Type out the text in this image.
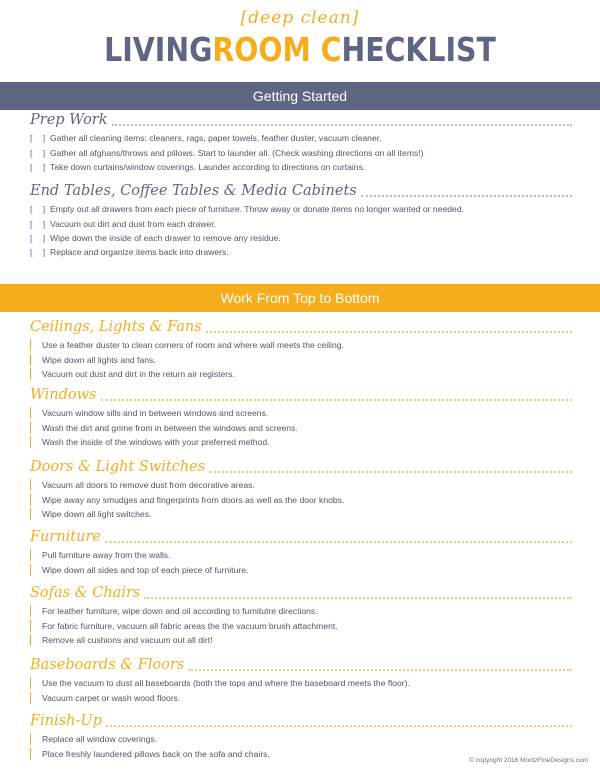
[deep clean]
LIVINGROOM CHECKLIST
Getting Started
Work From Top to Bottom
Prep Work
[ ] Gather all cleaning items: cleaners, rags, paper towels, feather duster, vacuum cleaner.
[ ] Gather all afghans/throws and pillows. Start to launder all. (Check washing directions on all items!)
[ ] Take down curtains/window coverings. Launder according to directions on curtains.
End Tables, Coffee Tables & Media Cabinets
[ ] Empty out all drawers from each piece of furniture. Throw away or donate items no longer wanted or needed.
[ ] Vacuum out dirt and dust from each drawer.
[ ] Wipe down the inside of each drawer to remove any residue.
[ ] Replace and organize items back into drawers.
Ceilings, Lights & Fans
Use a feather duster to clean corners of room and where wall meets the ceiling.
Wipe down all lights and fans.
Vacuum out dust and dirt in the return air registers.
Windows
Vacuum window sills and in between windows and screens.
Wash the dirt and grime from in between the windows and screens.
Wash the inside of the windows with your preferred method.
Doors & Light Switches
Vacuum all doors to remove dust from decorative areas.
Wipe away any smudges and fingerprints from doors as well as the door knobs.
Wipe down all light switches.
Furniture
Pull furniture away from the walls.
Wipe down all sides and top of each piece of furniture.
Sofas & Chairs
For leather furniture, wipe down and oil according to furnitutre directions.
For fabric furniture, vacuum all fabric areas the the vacuum brush attachment.
Remove all cushions and vacuum out all dirt!
Baseboards & Floors
Use the vacuum to dust all baseboards (both the tops and where the baseboard meets the floor).
Vacuum carpet or wash wood floors.
Finish-Up
Replace all window coverings.
Place freshly laundered pillows back on the sofa and chairs.
© copyright 2016 MoritzFineDesigns.com
